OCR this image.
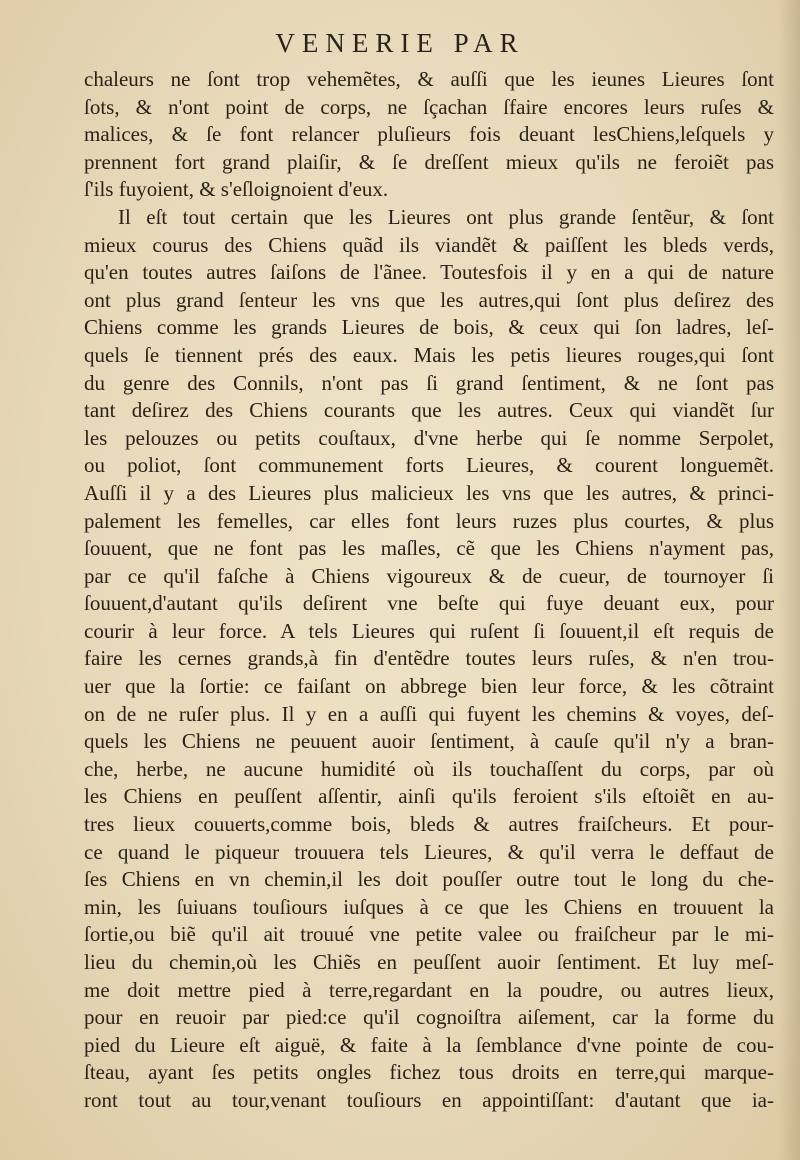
VENERIE PAR
chaleurs ne ſont trop vehemẽtes, & auſſi que les ieunes Lieures ſont
ſots, & n'ont point de corps, ne ſçachan ſfaire encores leurs ruſes &
malices, & ſe font relancer pluſieurs fois deuant lesChiens,leſquels y
prennent fort grand plaiſir, & ſe dreſſent mieux qu'ils ne feroiẽt pas
ſ'ils fuyoient, & s'eſloignoient d'eux.
Il eſt tout certain que les Lieures ont plus grande ſentẽur, & ſont
mieux courus des Chiens quãd ils viandẽt & paiſſent les bleds verds,
qu'en toutes autres ſaiſons de l'ãnee. Toutesfois il y en a qui de nature
ont plus grand ſenteur les vns que les autres,qui ſont plus deſirez des
Chiens comme les grands Lieures de bois, & ceux qui ſon ladres, leſ-
quels ſe tiennent prés des eaux. Mais les petis lieures rouges,qui ſont
du genre des Connils, n'ont pas ſi grand ſentiment, & ne ſont pas
tant deſirez des Chiens courants que les autres. Ceux qui viandẽt ſur
les pelouzes ou petits couſtaux, d'vne herbe qui ſe nomme Serpolet,
ou poliot, ſont communement forts Lieures, & courent longuemẽt.
Auſſi il y a des Lieures plus malicieux les vns que les autres, & princi-
palement les femelles, car elles font leurs ruzes plus courtes, & plus
ſouuent, que ne font pas les maſles, cẽ que les Chiens n'ayment pas,
par ce qu'il faſche à Chiens vigoureux & de cueur, de tournoyer ſi
ſouuent,d'autant qu'ils deſirent vne beſte qui fuye deuant eux, pour
courir à leur force. A tels Lieures qui ruſent ſi ſouuent,il eſt requis de
faire les cernes grands,à fin d'entẽdre toutes leurs ruſes, & n'en trou-
uer que la ſortie: ce faiſant on abbrege bien leur force, & les cõtraint
on de ne ruſer plus. Il y en a auſſi qui fuyent les chemins & voyes, deſ-
quels les Chiens ne peuuent auoir ſentiment, à cauſe qu'il n'y a bran-
che, herbe, ne aucune humidité où ils touchaſſent du corps, par où
les Chiens en peuſſent aſſentir, ainſi qu'ils feroient s'ils eſtoiẽt en au-
tres lieux couuerts,comme bois, bleds & autres fraiſcheurs. Et pour-
ce quand le piqueur trouuera tels Lieures, & qu'il verra le deffaut de
ſes Chiens en vn chemin,il les doit pouſſer outre tout le long du che-
min, les ſuiuans touſiours iuſques à ce que les Chiens en trouuent la
ſortie,ou biẽ qu'il ait trouué vne petite valee ou fraiſcheur par le mi-
lieu du chemin,où les Chiẽs en peuſſent auoir ſentiment. Et luy meſ-
me doit mettre pied à terre,regardant en la poudre, ou autres lieux,
pour en reuoir par pied:ce qu'il cognoiſtra aiſement, car la forme du
pied du Lieure eſt aiguë, & faite à la ſemblance d'vne pointe de cou-
ſteau, ayant ſes petits ongles fichez tous droits en terre,qui marque-
ront tout au tour,venant touſiours en appointiſſant: d'autant que ia-
